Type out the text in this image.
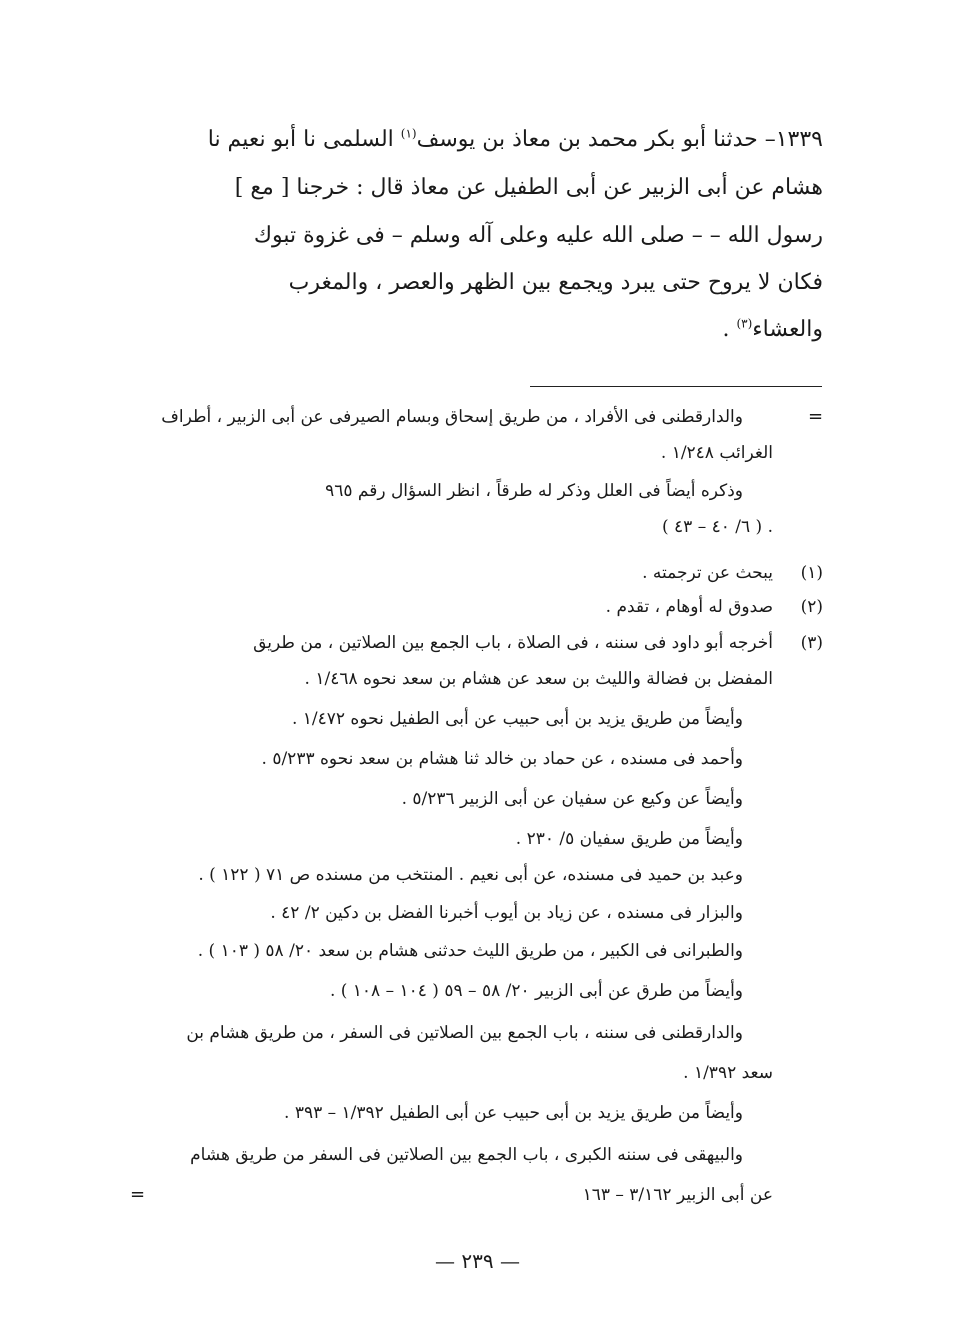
١٣٣٩– حدثنا أبو بكر محمد بن معاذ بن يوسف$^{(١)}$ السلمى نا أبو نعيم نا
هشام عن أبى الزبير عن أبى الطفيل عن معاذ قال : خرجنا [ مع ]
رسول الله – – صلى الله عليه وعلى آله وسلم – فى غزوة تبوك
فكان لا يروح حتى يبرد ويجمع بين الظهر والعصر ، والمغرب
والعشاء$^{(٣)}$ .
=
والدارقطنى فى الأفراد ، من طريق إسحاق وبسام الصيرفى عن أبى الزبير ، أطراف
الغرائب ١/٢٤٨ .
وذكره أيضاً فى العلل وذكر له طرقاً ، انظر السؤال رقم ٩٦٥
( ٦/ ٤٠ – ٤٣ ) .
(١)
يبحث عن ترجمته .
(٢)
صدوق له أوهام ، تقدم .
(٣)
أخرجه أبو داود فى سننه ، فى الصلاة ، باب الجمع بين الصلاتين ، من طريق
المفضل بن فضالة والليث بن سعد عن هشام بن سعد نحوه ١/٤٦٨ .
وأيضاً من طريق يزيد بن أبى حبيب عن أبى الطفيل نحوه ١/٤٧٢ .
وأحمد فى مسنده ، عن حماد بن خالد ثنا هشام بن سعد نحوه ٥/٢٣٣ .
وأيضاً عن وكيع عن سفيان عن أبى الزبير ٥/٢٣٦ .
وأيضاً من طريق سفيان ٥/ ٢٣٠ .
وعبد بن حميد فى مسنده، عن أبى نعيم . المنتخب من مسنده ص ٧١ ( ١٢٢ ) .
والبزار فى مسنده ، عن زياد بن أيوب أخبرنا الفضل بن دكين ٢/ ٤٢ .
والطبرانى فى الكبير ، من طريق الليث حدثنى هشام بن سعد ٢٠/ ٥٨ ( ١٠٣ ) .
وأيضاً من طرق عن أبى الزبير ٢٠/ ٥٨ – ٥٩ ( ١٠٤ – ١٠٨ ) .
والدارقطنى فى سننه ، باب الجمع بين الصلاتين فى السفر ، من طريق هشام بن
سعد ١/٣٩٢ .
وأيضاً من طريق يزيد بن أبى حبيب عن أبى الطفيل ١/٣٩٢ – ٣٩٣ .
والبيهقى فى سننه الكبرى ، باب الجمع بين الصلاتين فى السفر من طريق هشام
=	عن أبى الزبير ٣/١٦٢ – ١٦٣
— ٢٣٩ —
